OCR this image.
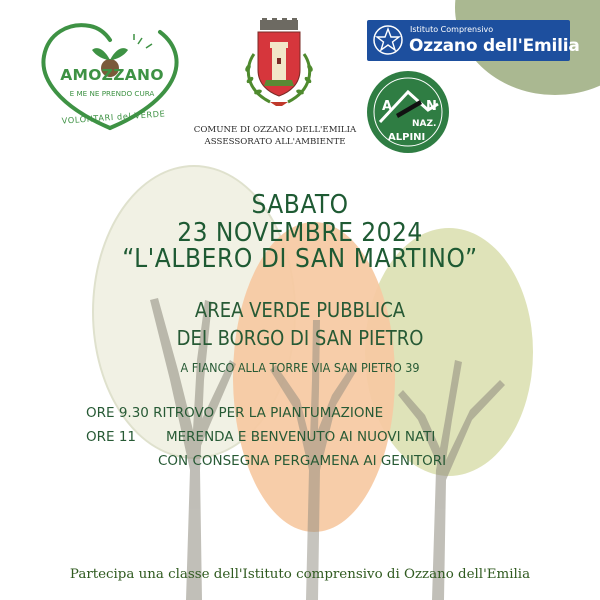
AMOZZANO
E ME NE PRENDO CURA
VOLONTARI del VERDE
COMUNE DI OZZANO DELL'EMILIA
ASSESSORATO ALL'AMBIENTE
Istituto Comprensivo
Ozzano dell'Emilia
A	N
NAZ.
ALPINI
SABATO
23 NOVEMBRE 2024
“L'ALBERO DI SAN MARTINO”
AREA VERDE PUBBLICA
DEL BORGO DI SAN PIETRO
A FIANCO ALLA TORRE VIA SAN PIETRO 39
ORE 9.30 RITROVO PER LA PIANTUMAZIONE
ORE 11 MERENDA E BENVENUTO AI NUOVI NATI
CON CONSEGNA PERGAMENA AI GENITORI
Partecipa una classe dell'Istituto comprensivo di Ozzano dell'Emilia
